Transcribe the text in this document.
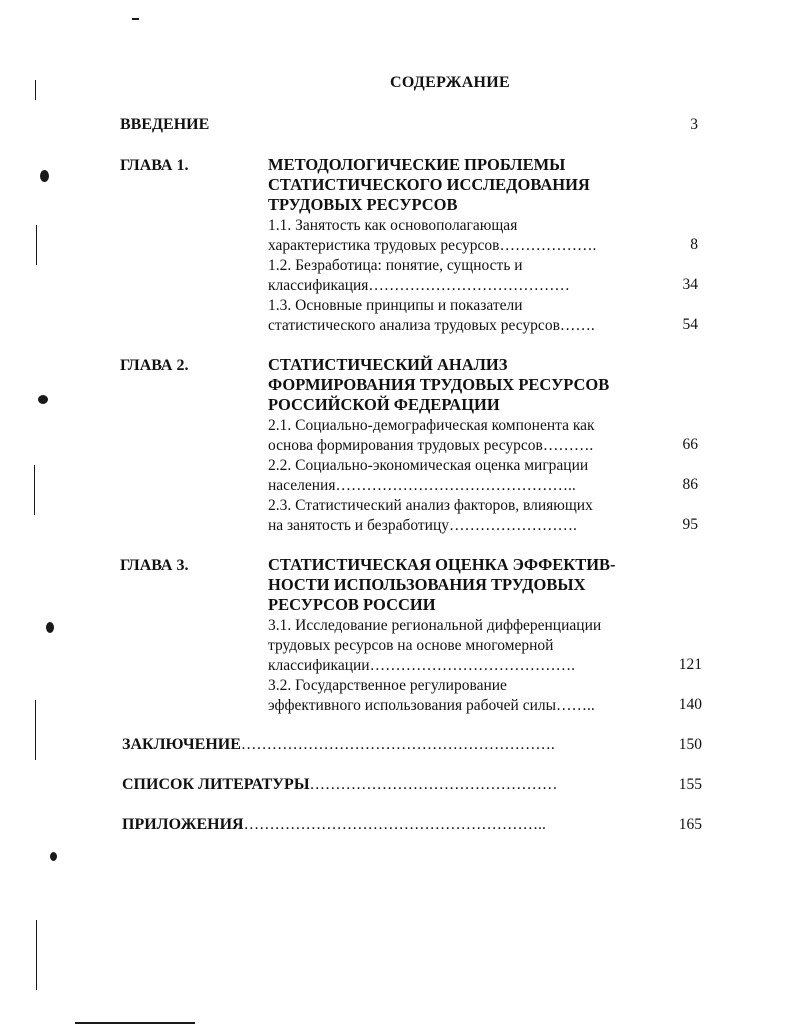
СОДЕРЖАНИЕ
ВВЕДЕНИЕ	3
ГЛАВА 1.	МЕТОДОЛОГИЧЕСКИЕ ПРОБЛЕМЫ
СТАТИСТИЧЕСКОГО ИССЛЕДОВАНИЯ
ТРУДОВЫХ РЕСУРСОВ
1.1. Занятость как основополагающая
характеристика трудовых ресурсов……………….	8
1.2. Безработица: понятие, сущность и
классификация…………………………………	34
1.3. Основные принципы и показатели
статистического анализа трудовых ресурсов…….	54
ГЛАВА 2.	СТАТИСТИЧЕСКИЙ АНАЛИЗ
ФОРМИРОВАНИЯ ТРУДОВЫХ РЕСУРСОВ
РОССИЙСКОЙ ФЕДЕРАЦИИ
2.1. Социально-демографическая компонента как
основа формирования трудовых ресурсов……….	66
2.2. Социально-экономическая оценка миграции
населения………………………………………..	86
2.3. Статистический анализ факторов, влияющих
на занятость и безработицу…………………….	95
ГЛАВА 3.	СТАТИСТИЧЕСКАЯ ОЦЕНКА ЭФФЕКТИВ-
НОСТИ ИСПОЛЬЗОВАНИЯ ТРУДОВЫХ
РЕСУРСОВ РОССИИ
3.1. Исследование региональной дифференциации
трудовых ресурсов на основе многомерной
классификации………………………………….	121
3.2. Государственное регулирование
эффективного использования рабочей силы……..	140
ЗАКЛЮЧЕНИЕ…………………………………………………….	150
СПИСОК ЛИТЕРАТУРЫ…………………………………………	155
ПРИЛОЖЕНИЯ…………………………………………………..	165
